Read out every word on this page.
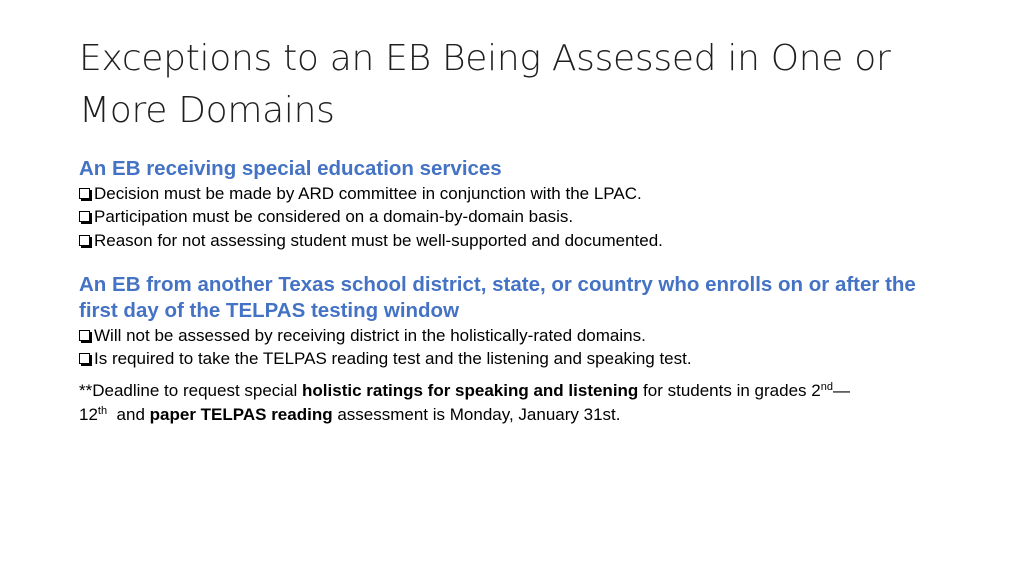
Exceptions to an EB Being Assessed in One or More Domains

An EB receiving special education services

Decision must be made by ARD committee in conjunction with the LPAC.
Participation must be considered on a domain-by-domain basis.
Reason for not assessing student must be well-supported and documented.

An EB from another Texas school district, state, or country who enrolls on or after the first day of the TELPAS testing window

Will not be assessed by receiving district in the holistically-rated domains.
Is required to take the TELPAS reading test and the listening and speaking test.

**Deadline to request special holistic ratings for speaking and listening for students in grades 2nd—
12th  and paper TELPAS reading assessment is Monday, January 31st.
